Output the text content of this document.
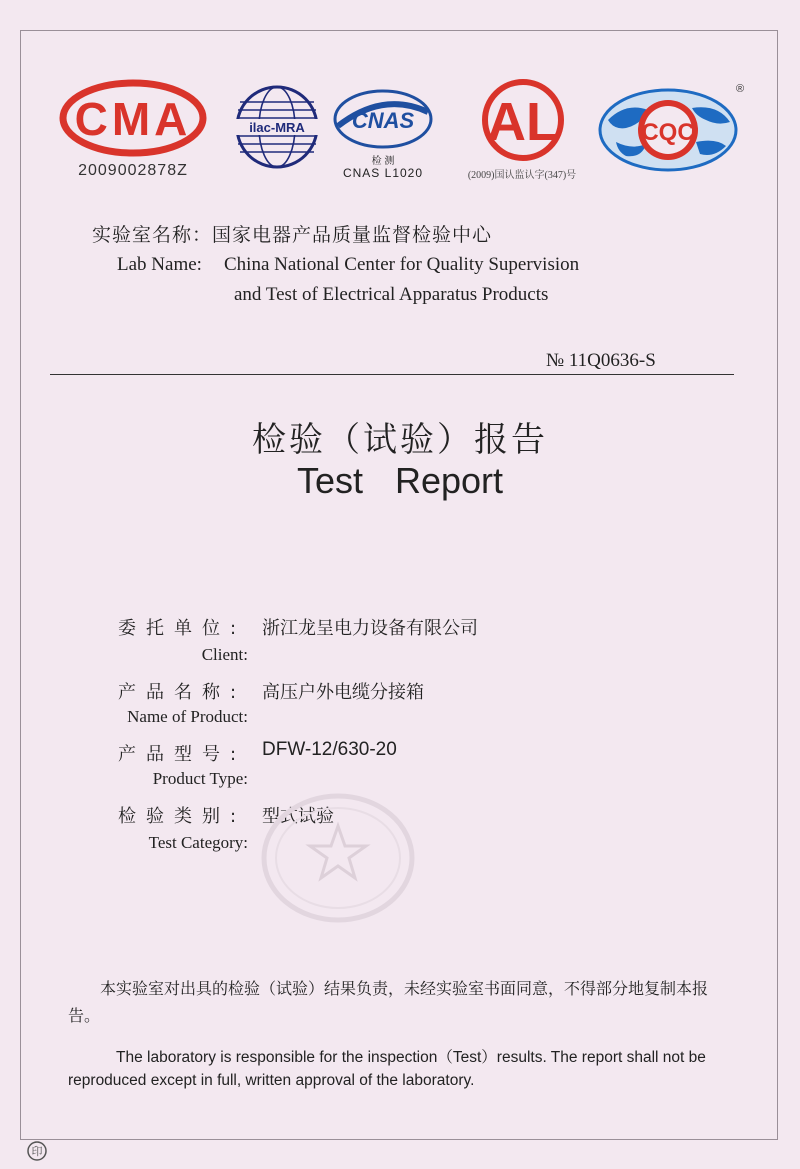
CMA
2009002878Z
ilac-MRA CNAS
检 测
CNAS L1020
AL
(2009)国认监认字(347)号
CQC
®
实验室名称：国家电器产品质量监督检验中心
Lab Name: China National Center for Quality Supervision
and Test of Electrical Apparatus Products
№ 11Q0636-S
检验（试验）报告
Test Report
委托单位: 浙江龙呈电力设备有限公司
Client:
产品名称: 高压户外电缆分接箱
Name of Product:
产品型号: DFW-12/630-20
Product Type:
检验类别: 型式试验
Test Category:
本实验室对出具的检验（试验）结果负责，未经实验室书面同意，不得部分地复制本报告。
The laboratory is responsible for the inspection（Test）results. The report shall not be reproduced except in full, written approval of the laboratory.
印
